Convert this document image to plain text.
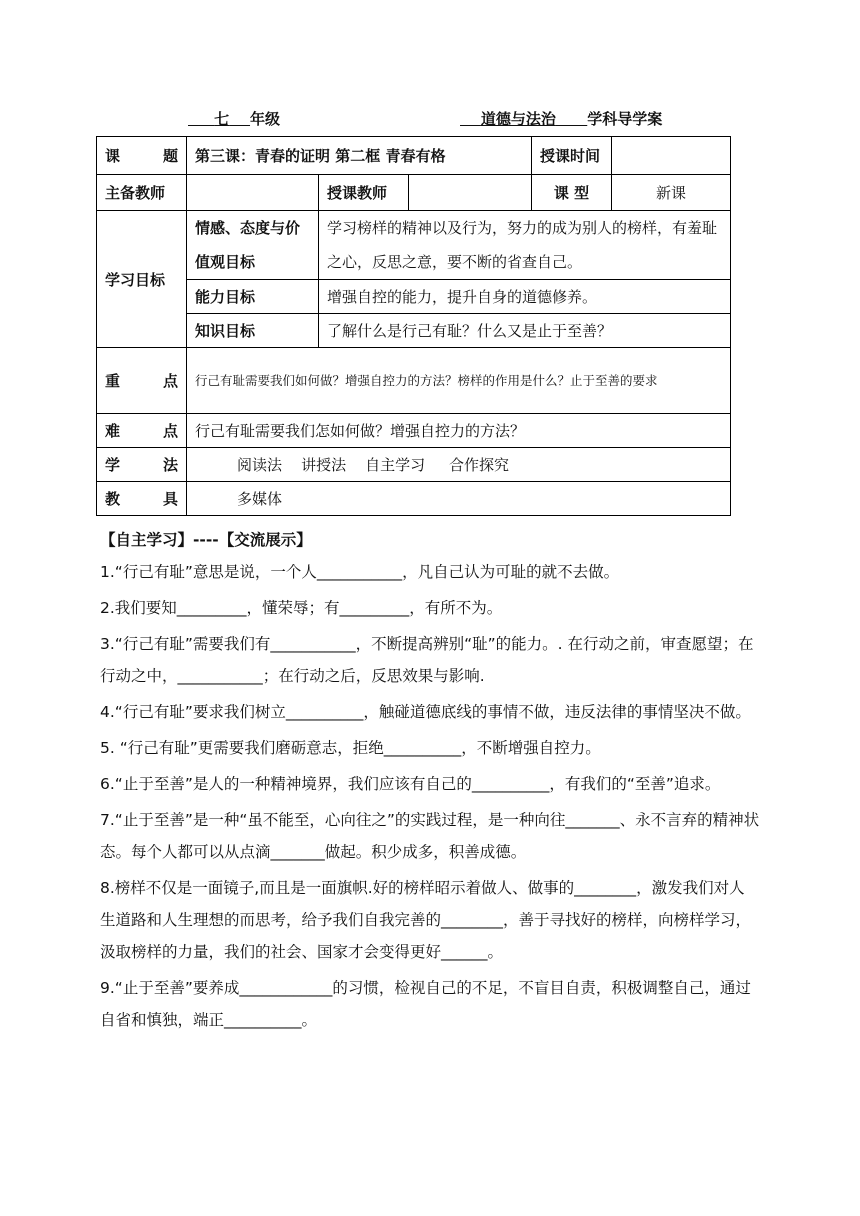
七 年级	道德与法治 学科导学案
课 题	第三课：青春的证明 第二框 青春有格			授课时间	
主备教师		授课教师		课 型	新课
学习目标	情感、态度与价值观目标	学习榜样的精神以及行为，努力的成为别人的榜样，有羞耻之心，反思之意，要不断的省查自己。			
	能力目标	增强自控的能力，提升自身的道德修养。			
	知识目标	了解什么是行己有耻？什么又是止于至善？			

重 点	行己有耻需要我们如何做？增强自控力的方法？榜样的作用是什么？止于至善的要求				

难 点	行己有耻需要我们怎如何做？增强自控力的方法？				

学 法	阅读法    讲授法    自主学习     合作探究				

教 具	多媒体				

【自主学习】----【交流展示】

1.“行己有耻”意思是说，一个人___________，凡自己认为可耻的就不去做。

2.我们要知_________，懂荣辱；有_________，有所不为。

3.“行己有耻”需要我们有___________，不断提高辨别“耻”的能力。. 在行动之前，审查愿望；在行动之中，___________；在行动之后，反思效果与影响.

4.“行己有耻”要求我们树立__________，触碰道德底线的事情不做，违反法律的事情坚决不做。

5. “行己有耻”更需要我们磨砺意志，拒绝__________，不断增强自控力。

6.“止于至善”是人的一种精神境界，我们应该有自己的__________，有我们的“至善”追求。

7.“止于至善”是一种“虽不能至，心向往之”的实践过程，是一种向往_______、永不言弃的精神状态。每个人都可以从点滴_______做起。积少成多，积善成德。

8.榜样不仅是一面镜子,而且是一面旗帜.好的榜样昭示着做人、做事的________，激发我们对人生道路和人生理想的而思考，给予我们自我完善的________，善于寻找好的榜样，向榜样学习，汲取榜样的力量，我们的社会、国家才会变得更好______。

9.“止于至善”要养成____________的习惯，检视自己的不足，不盲目自责，积极调整自己，通过自省和慎独，端正__________。
